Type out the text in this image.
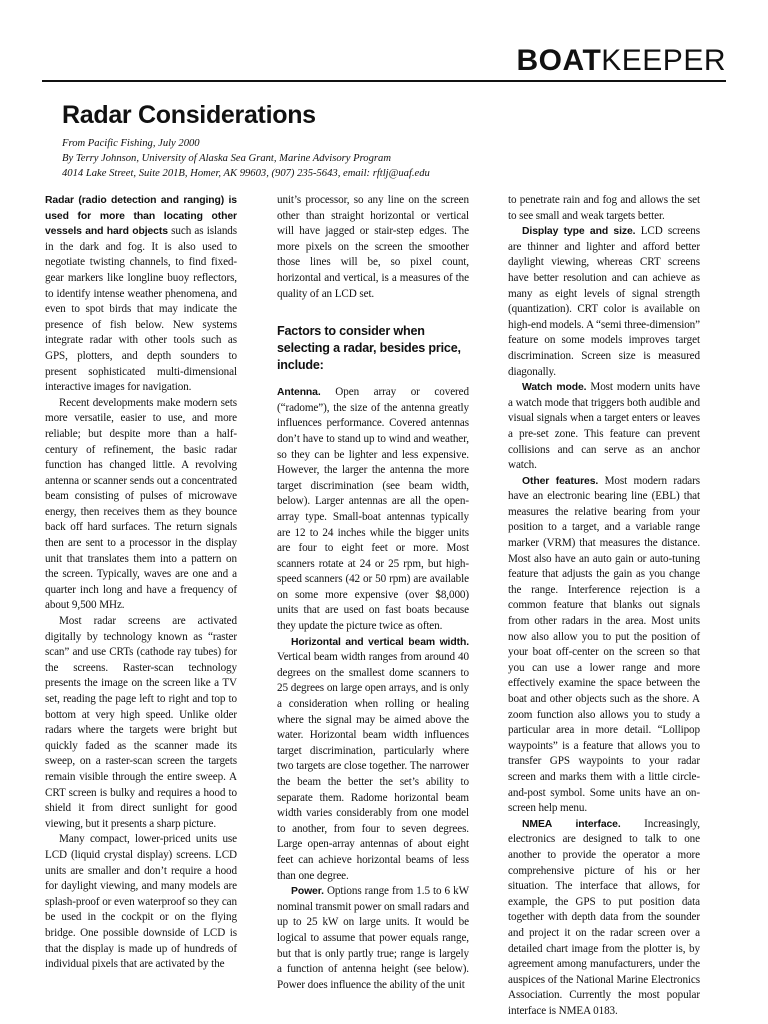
BOATKEEPER
Radar Considerations
From Pacific Fishing, July 2000
By Terry Johnson, University of Alaska Sea Grant, Marine Advisory Program
4014 Lake Street, Suite 201B, Homer, AK 99603, (907) 235-5643, email: rftlj@uaf.edu

Radar (radio detection and ranging) is used for more than locating other vessels and hard objects such as islands in the dark and fog. It is also used to negotiate twisting channels, to find fixed-gear markers like longline buoy reflectors, to identify intense weather phenomena, and even to spot birds that may indicate the presence of fish below. New systems integrate radar with other tools such as GPS, plotters, and depth sounders to present sophisticated multi-dimensional interactive images for navigation.

Recent developments make modern sets more versatile, easier to use, and more reliable; but despite more than a half-century of refinement, the basic radar function has changed little. A revolving antenna or scanner sends out a concentrated beam consisting of pulses of microwave energy, then receives them as they bounce back off hard surfaces. The return signals then are sent to a processor in the display unit that translates them into a pattern on the screen. Typically, waves are one and a quarter inch long and have a frequency of about 9,500 MHz.

Most radar screens are activated digitally by technology known as “raster scan” and use CRTs (cathode ray tubes) for the screens. Raster-scan technology presents the image on the screen like a TV set, reading the page left to right and top to bottom at very high speed. Unlike older radars where the targets were bright but quickly faded as the scanner made its sweep, on a raster-scan screen the targets remain visible through the entire sweep. A CRT screen is bulky and requires a hood to shield it from direct sunlight for good viewing, but it presents a sharp picture.

Many compact, lower-priced units use LCD (liquid crystal display) screens. LCD units are smaller and don’t require a hood for daylight viewing, and many models are splash-proof or even waterproof so they can be used in the cockpit or on the flying bridge. One possible downside of LCD is that the display is made up of hundreds of individual pixels that are activated by the

unit’s processor, so any line on the screen other than straight horizontal or vertical will have jagged or stair-step edges. The more pixels on the screen the smoother those lines will be, so pixel count, horizontal and vertical, is a measures of the quality of an LCD set.

Factors to consider when selecting a radar, besides price, include:

Antenna. Open array or covered (“radome”), the size of the antenna greatly influences performance. Covered antennas don’t have to stand up to wind and weather, so they can be lighter and less expensive. However, the larger the antenna the more target discrimination (see beam width, below). Larger antennas are all the open-array type. Small-boat antennas typically are 12 to 24 inches while the bigger units are four to eight feet or more. Most scanners rotate at 24 or 25 rpm, but high-speed scanners (42 or 50 rpm) are available on some more expensive (over $8,000) units that are used on fast boats because they update the picture twice as often.

Horizontal and vertical beam width. Vertical beam width ranges from around 40 degrees on the smallest dome scanners to 25 degrees on large open arrays, and is only a consideration when rolling or healing where the signal may be aimed above the water. Horizontal beam width influences target discrimination, particularly where two targets are close together. The narrower the beam the better the set’s ability to separate them. Radome horizontal beam width varies considerably from one model to another, from four to seven degrees. Large open-array antennas of about eight feet can achieve horizontal beams of less than one degree.

Power. Options range from 1.5 to 6 kW nominal transmit power on small radars and up to 25 kW on large units. It would be logical to assume that power equals range, but that is only partly true; range is largely a function of antenna height (see below). Power does influence the ability of the unit

to penetrate rain and fog and allows the set to see small and weak targets better.

Display type and size. LCD screens are thinner and lighter and afford better daylight viewing, whereas CRT screens have better resolution and can achieve as many as eight levels of signal strength (quantization). CRT color is available on high-end models. A “semi three-dimension” feature on some models improves target discrimination. Screen size is measured diagonally.

Watch mode. Most modern units have a watch mode that triggers both audible and visual signals when a target enters or leaves a pre-set zone. This feature can prevent collisions and can serve as an anchor watch.

Other features. Most modern radars have an electronic bearing line (EBL) that measures the relative bearing from your position to a target, and a variable range marker (VRM) that measures the distance. Most also have an auto gain or auto-tuning feature that adjusts the gain as you change the range. Interference rejection is a common feature that blanks out signals from other radars in the area. Most units now also allow you to put the position of your boat off-center on the screen so that you can use a lower range and more effectively examine the space between the boat and other objects such as the shore. A zoom function also allows you to study a particular area in more detail. “Lollipop waypoints” is a feature that allows you to transfer GPS waypoints to your radar screen and marks them with a little circle-and-post symbol. Some units have an on-screen help menu.

NMEA interface. Increasingly, electronics are designed to talk to one another to provide the operator a more comprehensive picture of his or her situation. The interface that allows, for example, the GPS to put position data together with depth data from the sounder and project it on the radar screen over a detailed chart image from the plotter is, by agreement among manufacturers, under the auspices of the National Marine Electronics Association. Currently the most popular interface is NMEA 0183.
